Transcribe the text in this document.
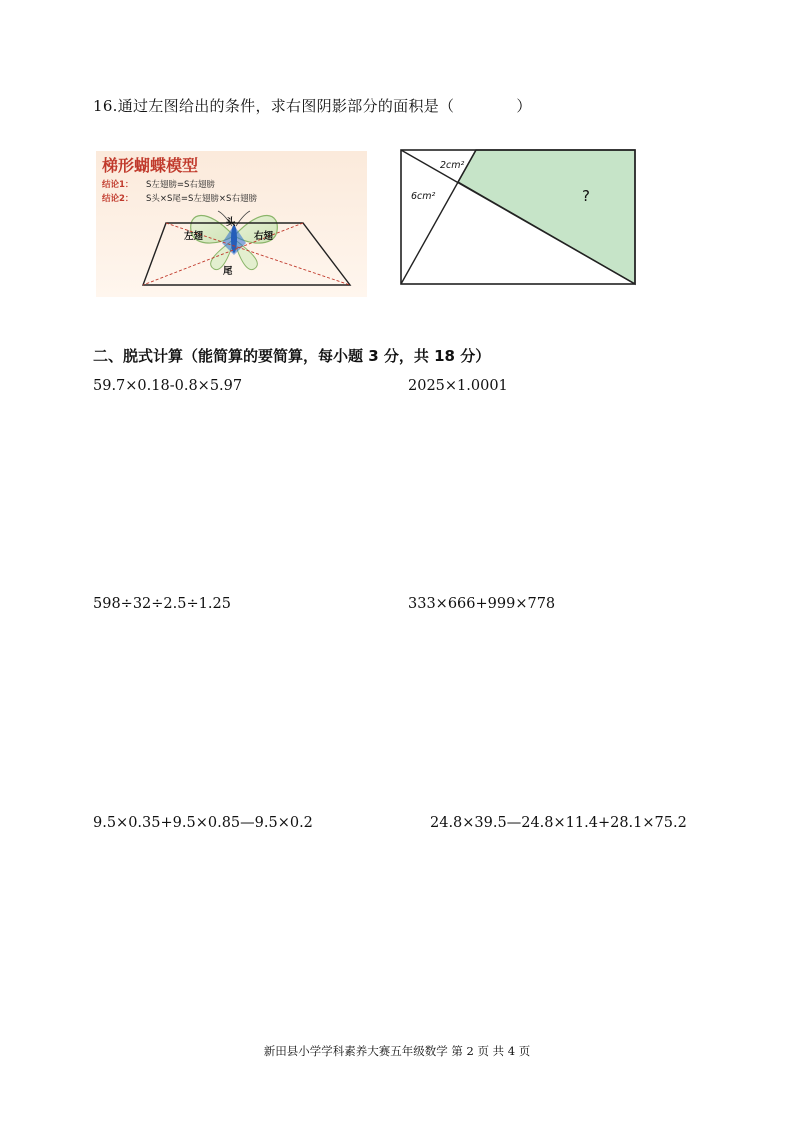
16.通过左图给出的条件，求右图阴影部分的面积是（	）
梯形蝴蝶模型
结论1： S左翅膀=S右翅膀
结论2： S头×S尾=S左翅膀×S右翅膀
头
左翅	右翅
尾
2cm²
6cm²	?
二、脱式计算（能简算的要简算，每小题 3 分，共 18 分）
59.7×0.18-0.8×5.97	2025×1.0001
598÷32÷2.5÷1.25	333×666+999×778
9.5×0.35+9.5×0.85—9.5×0.2	24.8×39.5—24.8×11.4+28.1×75.2
新田县小学学科素养大赛五年级数学 第 2 页 共 4 页
